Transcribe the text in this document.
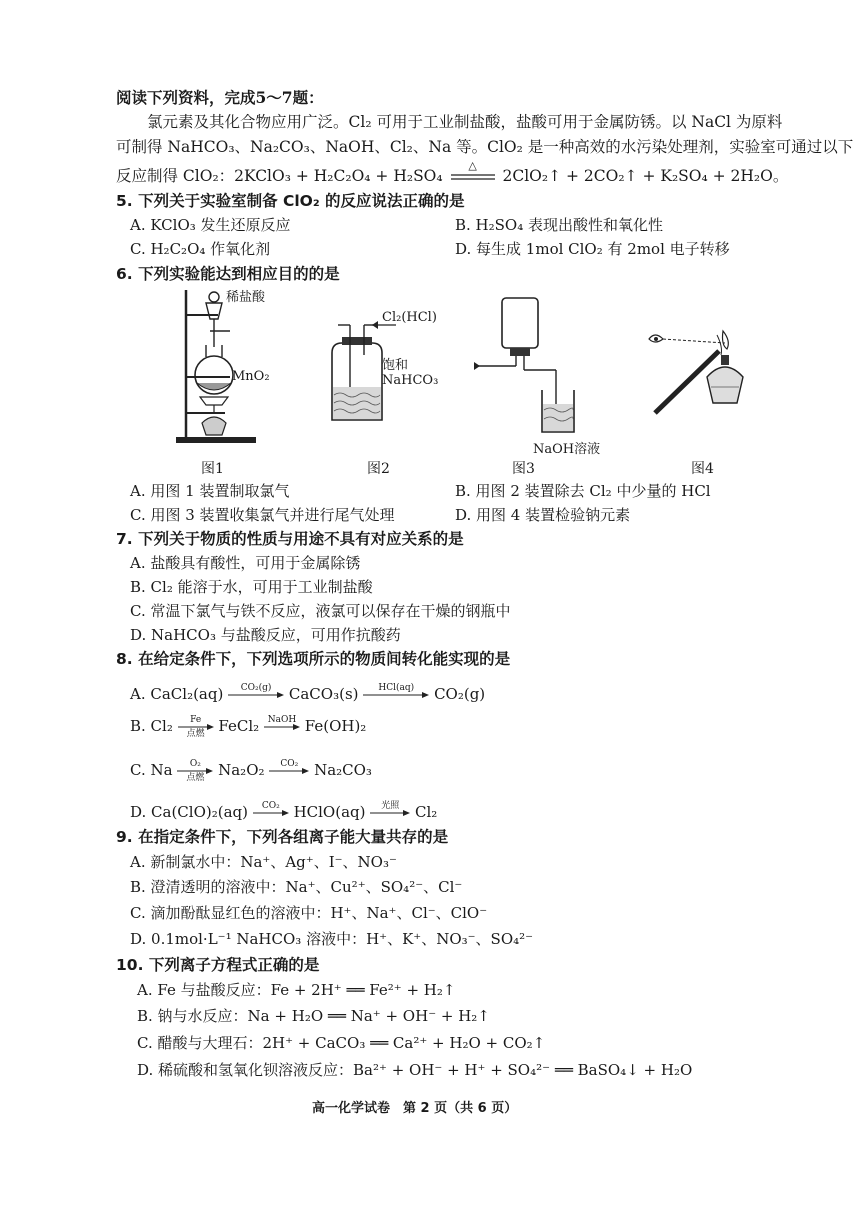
阅读下列资料，完成5～7题：
氯元素及其化合物应用广泛。Cl₂ 可用于工业制盐酸，盐酸可用于金属防锈。以 NaCl 为原料
可制得 NaHCO₃、Na₂CO₃、NaOH、Cl₂、Na 等。ClO₂ 是一种高效的水污染处理剂，实验室可通过以下
反应制得 ClO₂：2KClO₃ + H₂C₂O₄ + H₂SO₄
△
2ClO₂↑ + 2CO₂↑ + K₂SO₄ + 2H₂O。
5. 下列关于实验室制备 ClO₂ 的反应说法正确的是
A. KClO₃ 发生还原反应	B. H₂SO₄ 表现出酸性和氧化性
C. H₂C₂O₄ 作氧化剂	D. 每生成 1mol ClO₂ 有 2mol 电子转移
6. 下列实验能达到相应目的的是
稀盐酸
MnO₂
Cl₂(HCl)
饱和
NaHCO₃
NaOH溶液
图1	图2	图3	图4
A. 用图 1 装置制取氯气	B. 用图 2 装置除去 Cl₂ 中少量的 HCl
C. 用图 3 装置收集氯气并进行尾气处理	D. 用图 4 装置检验钠元素
7. 下列关于物质的性质与用途不具有对应关系的是
A. 盐酸具有酸性，可用于金属除锈
B. Cl₂ 能溶于水，可用于工业制盐酸
C. 常温下氯气与铁不反应，液氯可以保存在干燥的钢瓶中
D. NaHCO₃ 与盐酸反应，可用作抗酸药
8. 在给定条件下，下列选项所示的物质间转化能实现的是
A. CaCl₂(aq)	CO₂(g)	CaCO₃(s)	HCl(aq)	CO₂(g)
B. Cl₂	Fe
点燃 FeCl₂ NaOH Fe(OH)₂
C. Na	O₂
点燃 Na₂O₂	CO₂	Na₂CO₃
D. Ca(ClO)₂(aq)	CO₂ HClO(aq)	光照	Cl₂
9. 在指定条件下，下列各组离子能大量共存的是
A. 新制氯水中：Na⁺、Ag⁺、I⁻、NO₃⁻
B. 澄清透明的溶液中：Na⁺、Cu²⁺、SO₄²⁻、Cl⁻
C. 滴加酚酞显红色的溶液中：H⁺、Na⁺、Cl⁻、ClO⁻
D. 0.1mol·L⁻¹ NaHCO₃ 溶液中：H⁺、K⁺、NO₃⁻、SO₄²⁻
10. 下列离子方程式正确的是
A. Fe 与盐酸反应：Fe + 2H⁺ ══ Fe²⁺ + H₂↑
B. 钠与水反应：Na + H₂O ══ Na⁺ + OH⁻ + H₂↑
C. 醋酸与大理石：2H⁺ + CaCO₃ ══ Ca²⁺ + H₂O + CO₂↑
D. 稀硫酸和氢氧化钡溶液反应：Ba²⁺ + OH⁻ + H⁺ + SO₄²⁻ ══ BaSO₄↓ + H₂O
高一化学试卷　第 2 页（共 6 页）
